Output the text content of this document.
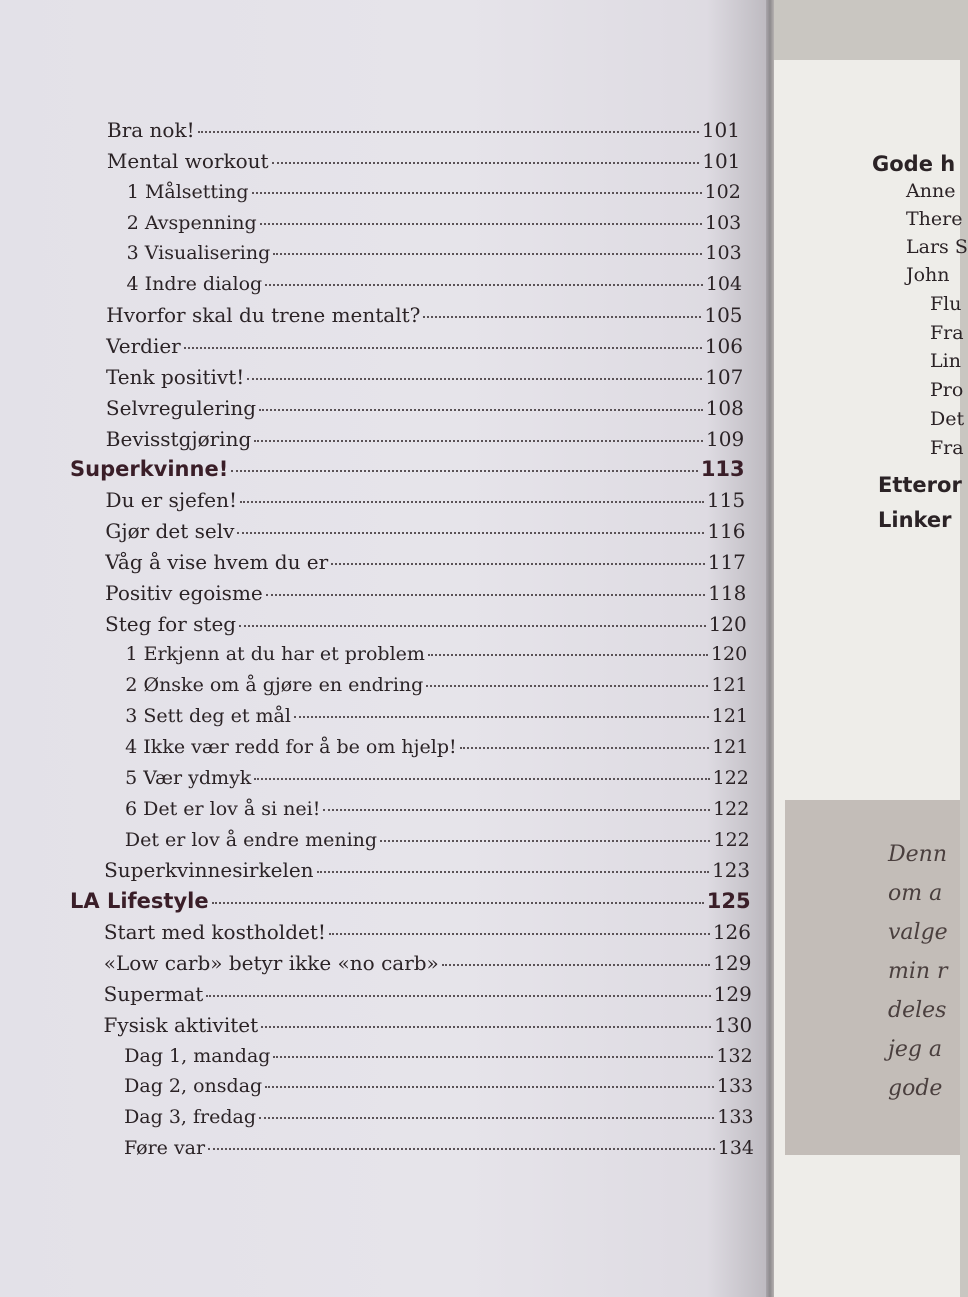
Bra nok!	101
Mental workout	101
1 Målsetting	102
2 Avspenning	103
3 Visualisering	103
4 Indre dialog	104
Hvorfor skal du trene mentalt?	105
Verdier	106
Tenk positivt!	107
Selvregulering	108
Bevisstgjøring	109
Superkvinne!	113
Du er sjefen!	115
Gjør det selv	116
Våg å vise hvem du er	117
Positiv egoisme	118
Steg for steg	120
1 Erkjenn at du har et problem	120
2 Ønske om å gjøre en endring	121
3 Sett deg et mål	121
4 Ikke vær redd for å be om hjelp!	121
5 Vær ydmyk	122
6 Det er lov å si nei!	122
Det er lov å endre mening	122
Superkvinnesirkelen	123
LA Lifestyle	125
Start med kostholdet!	126
«Low carb» betyr ikke «no carb»	129
Supermat	129
Fysisk aktivitet	130
Dag 1, mandag	132
Dag 2, onsdag	133
Dag 3, fredag	133
Føre var	134
Gode h
Anne
There
Lars S
John
Flu
Fra
Lin
Pro
Det
Fra
Etteror
Linker
Denn
om a
valge
min r
deles
jeg a
gode
